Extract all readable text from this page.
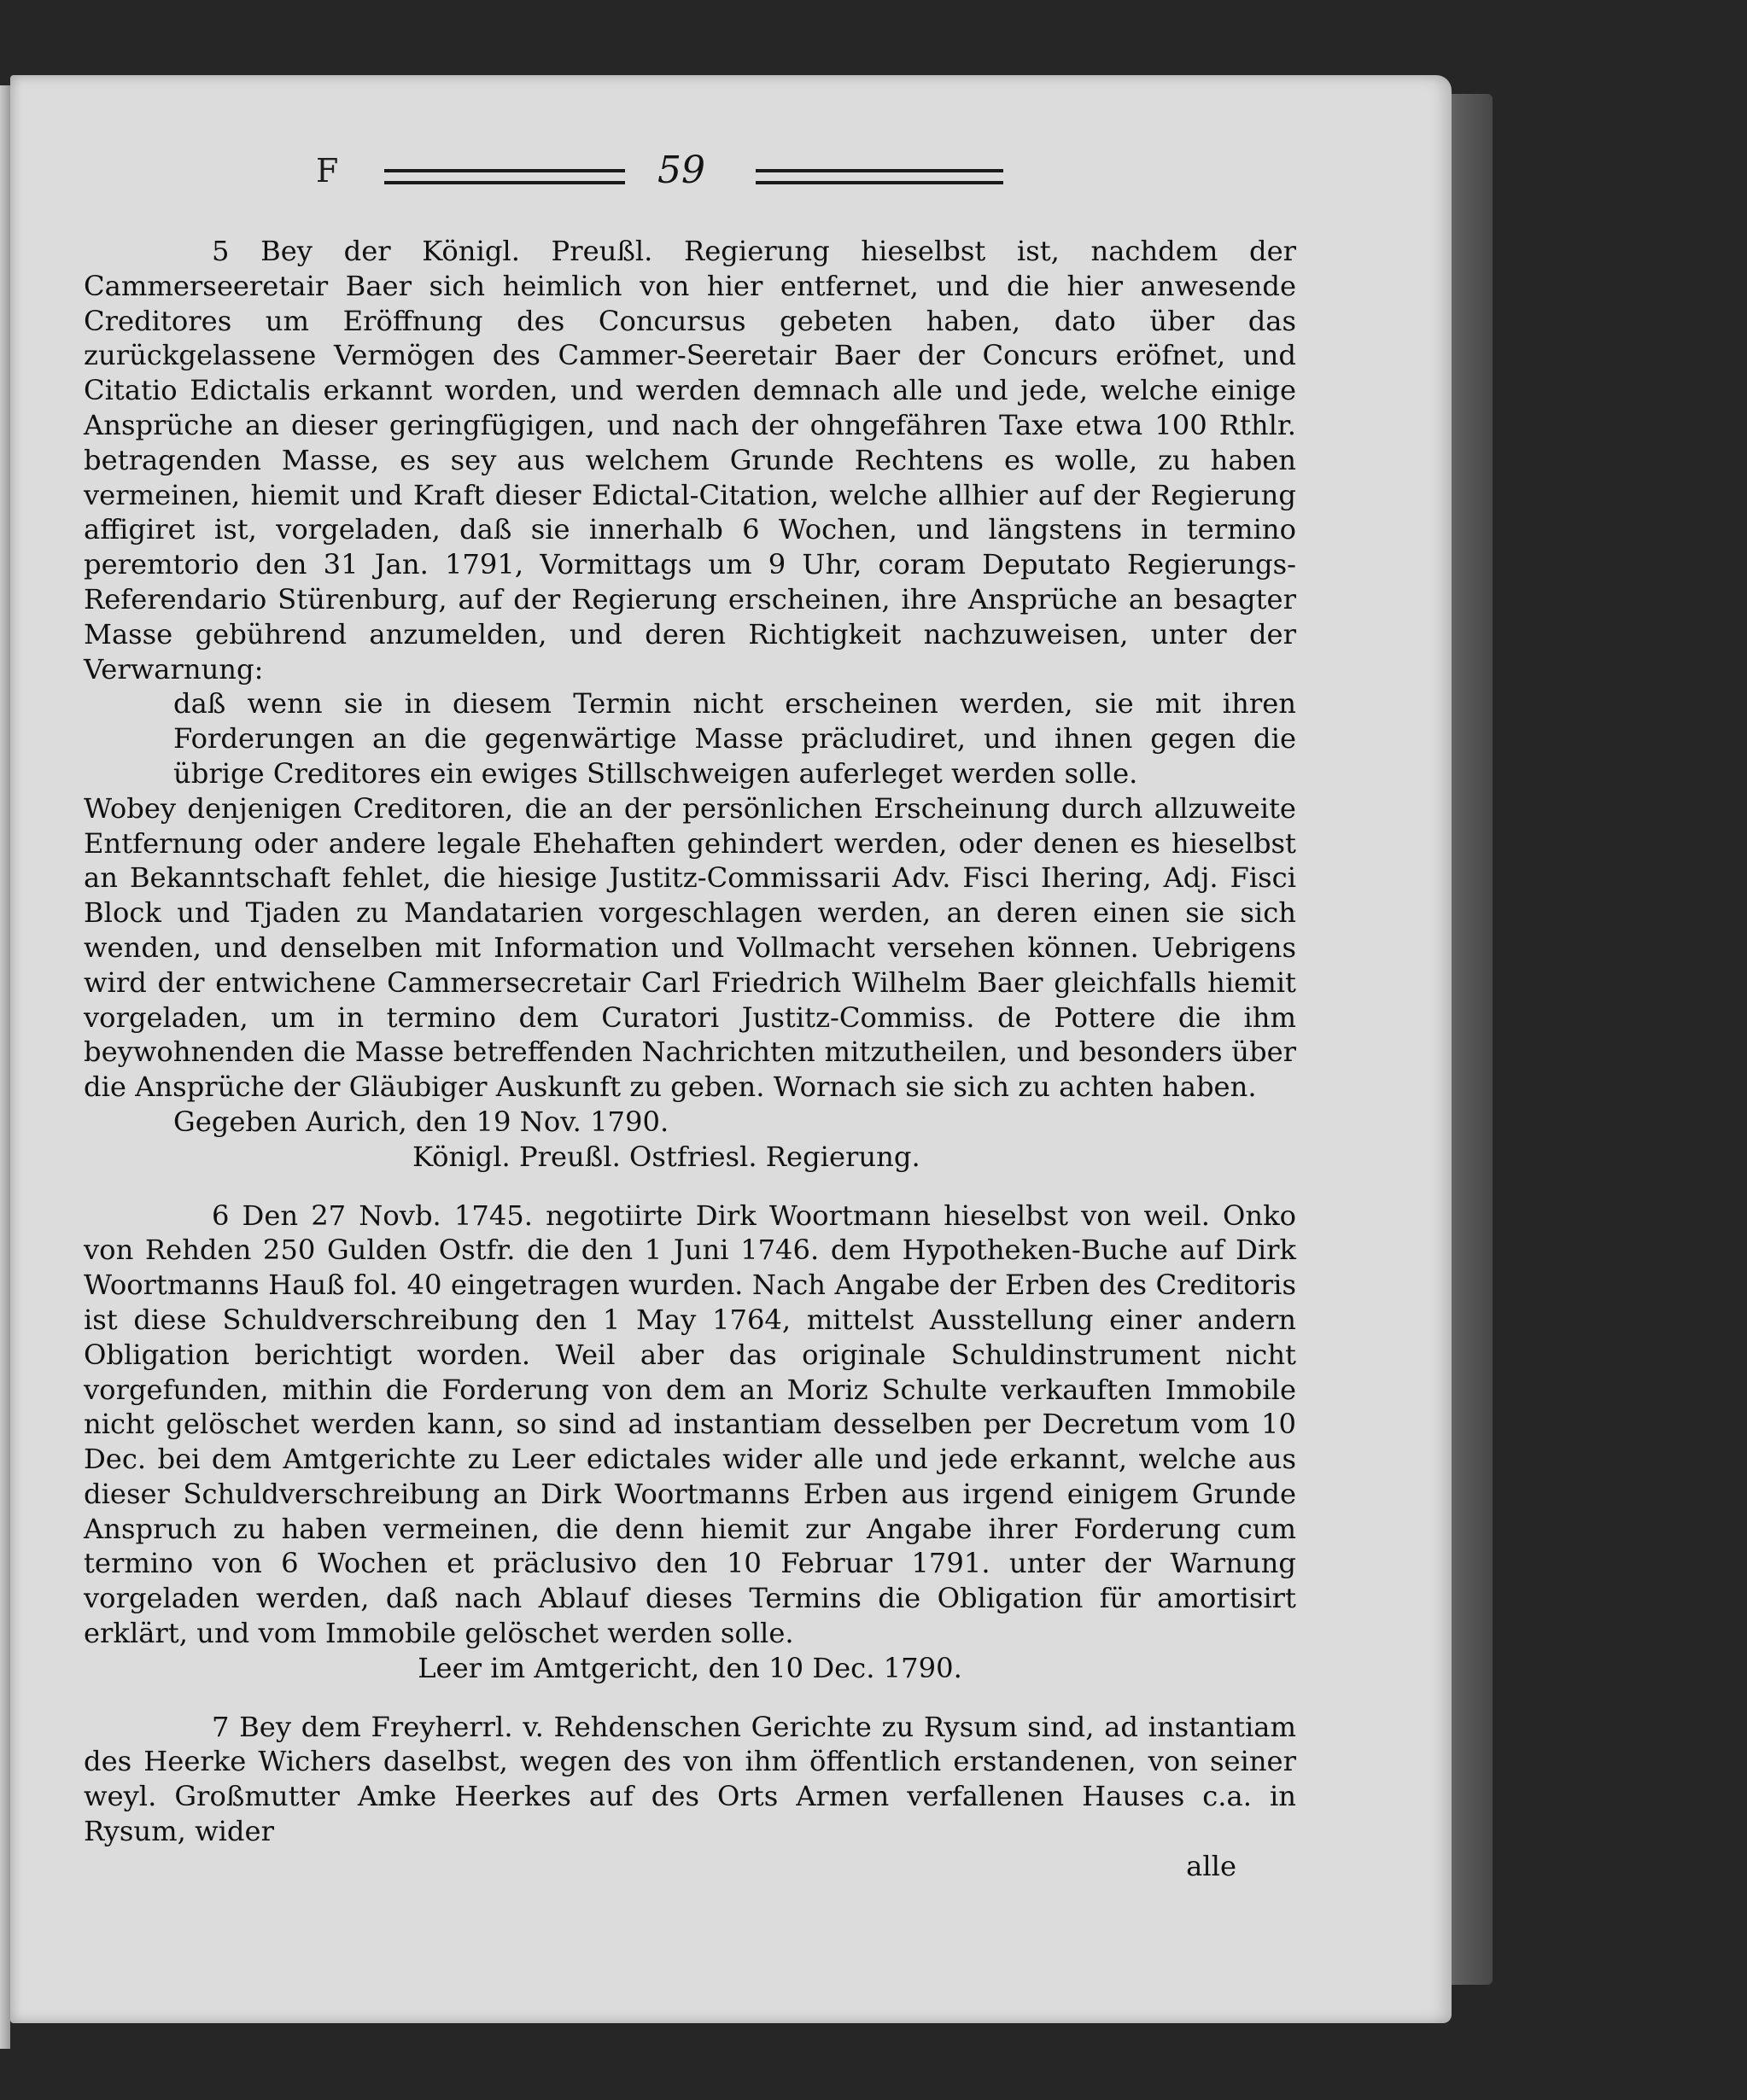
F	59

5 Bey der Königl. Preußl. Regierung hieselbst ist, nachdem der Cammerseeretair Baer sich heimlich von hier entfernet, und die hier anwesende Creditores um Eröffnung des Concursus gebeten haben, dato über das zurückgelassene Vermögen des Cammer-Seeretair Baer der Concurs eröfnet, und Citatio Edictalis erkannt worden, und werden demnach alle und jede, welche einige Ansprüche an dieser geringfügigen, und nach der ohngefähren Taxe etwa 100 Rthlr. betragenden Masse, es sey aus welchem Grunde Rechtens es wolle, zu haben vermeinen, hiemit und Kraft dieser Edictal-Citation, welche allhier auf der Regierung affigiret ist, vorgeladen, daß sie innerhalb 6 Wochen, und längstens in termino peremtorio den 31 Jan. 1791, Vormittags um 9 Uhr, coram Deputato Regierungs-Referendario Stürenburg, auf der Regierung erscheinen, ihre Ansprüche an besagter Masse gebührend anzumelden, und deren Richtigkeit nachzuweisen, unter der Verwarnung:

daß wenn sie in diesem Termin nicht erscheinen werden, sie mit ihren Forderungen an die gegenwärtige Masse präcludiret, und ihnen gegen die übrige Creditores ein ewiges Stillschweigen auferleget werden solle.

Wobey denjenigen Creditoren, die an der persönlichen Erscheinung durch allzuweite Entfernung oder andere legale Ehehaften gehindert werden, oder denen es hieselbst an Bekanntschaft fehlet, die hiesige Justitz-Commissarii Adv. Fisci Ihering, Adj. Fisci Block und Tjaden zu Mandatarien vorgeschlagen werden, an deren einen sie sich wenden, und denselben mit Information und Vollmacht versehen können. Uebrigens wird der entwichene Cammersecretair Carl Friedrich Wilhelm Baer gleichfalls hiemit vorgeladen, um in termino dem Curatori Justitz-Commiss. de Pottere die ihm beywohnenden die Masse betreffenden Nachrichten mitzutheilen, und besonders über die Ansprüche der Gläubiger Auskunft zu geben. Wornach sie sich zu achten haben.

Gegeben Aurich, den 19 Nov. 1790.

Königl. Preußl. Ostfriesl. Regierung.

6 Den 27 Novb. 1745. negotiirte Dirk Woortmann hieselbst von weil. Onko von Rehden 250 Gulden Ostfr. die den 1 Juni 1746. dem Hypotheken-Buche auf Dirk Woortmanns Hauß fol. 40 eingetragen wurden. Nach Angabe der Erben des Creditoris ist diese Schuldverschreibung den 1 May 1764, mittelst Ausstellung einer andern Obligation berichtigt worden. Weil aber das originale Schuldinstrument nicht vorgefunden, mithin die Forderung von dem an Moriz Schulte verkauften Immobile nicht gelöschet werden kann, so sind ad instantiam desselben per Decretum vom 10 Dec. bei dem Amtgerichte zu Leer edictales wider alle und jede erkannt, welche aus dieser Schuldverschreibung an Dirk Woortmanns Erben aus irgend einigem Grunde Anspruch zu haben vermeinen, die denn hiemit zur Angabe ihrer Forderung cum termino von 6 Wochen et präclusivo den 10 Februar 1791. unter der Warnung vorgeladen werden, daß nach Ablauf dieses Termins die Obligation für amortisirt erklärt, und vom Immobile gelöschet werden solle.

Leer im Amtgericht, den 10 Dec. 1790.

7 Bey dem Freyherrl. v. Rehdenschen Gerichte zu Rysum sind, ad instantiam des Heerke Wichers daselbst, wegen des von ihm öffentlich erstandenen, von seiner weyl. Großmutter Amke Heerkes auf des Orts Armen verfallenen Hauses c.a. in Rysum, wider

alle
